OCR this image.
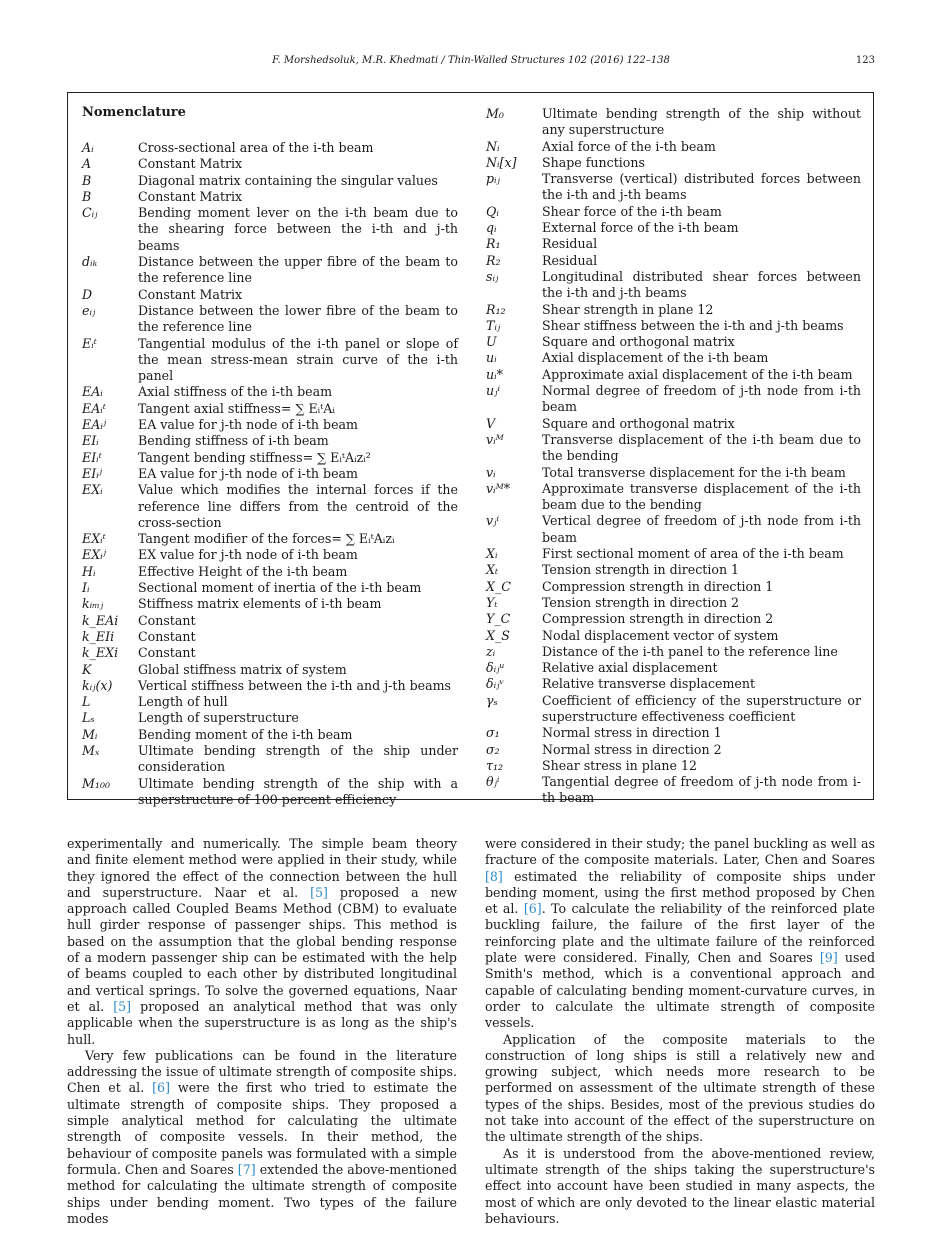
F. Morshedsoluk, M.R. Khedmati / Thin-Walled Structures 102 (2016) 122–138	123
Nomenclature
Aᵢ	Cross-sectional area of the i-th beam
A	Constant Matrix
B	Diagonal matrix containing the singular values
B	Constant Matrix
Cᵢⱼ	Bending moment lever on the i-th beam due to the shearing force between the i-th and j-th beams
dᵢₖ	Distance between the upper fibre of the beam to the reference line
D	Constant Matrix
eᵢⱼ	Distance between the lower fibre of the beam to the reference line
Eᵢᵗ	Tangential modulus of the i-th panel or slope of the mean stress-mean strain curve of the i-th panel
EAᵢ	Axial stiffness of the i-th beam
EAᵢᵗ	Tangent axial stiffness= ∑ EᵢᵗAᵢ
EAᵢʲ	EA value for j-th node of i-th beam
EIᵢ	Bending stiffness of i-th beam
EIᵢᵗ	Tangent bending stiffness= ∑ EᵢᵗAᵢzᵢ²
EIᵢʲ	EA value for j-th node of i-th beam
EXᵢ	Value which modifies the internal forces if the reference line differs from the centroid of the cross-section
EXᵢᵗ	Tangent modifier of the forces= ∑ EᵢᵗAᵢzᵢ
EXᵢʲ	EX value for j-th node of i-th beam
Hᵢ	Effective Height of the i-th beam
Iᵢ	Sectional moment of inertia of the i-th beam
kᵢₘⱼ	Stiffness matrix elements of i-th beam
k_EAi	Constant
k_EIi	Constant
k_EXi	Constant
K	Global stiffness matrix of system
kᵢⱼ(x)	Vertical stiffness between the i-th and j-th beams
L	Length of hull
Lₛ	Length of superstructure
Mᵢ	Bending moment of the i-th beam
Mₓ	Ultimate bending strength of the ship under consideration
M₁₀₀	Ultimate bending strength of the ship with a superstructure of 100 percent efficiency
M₀	Ultimate bending strength of the ship without any superstructure
Nᵢ	Axial force of the i-th beam
Nᵢ[x]	Shape functions
pᵢⱼ	Transverse (vertical) distributed forces between the i-th and j-th beams
Qᵢ	Shear force of the i-th beam
qᵢ	External force of the i-th beam
R₁	Residual
R₂	Residual
sᵢⱼ	Longitudinal distributed shear forces between the i-th and j-th beams
R₁₂	Shear strength in plane 12
Tᵢⱼ	Shear stiffness between the i-th and j-th beams
U	Square and orthogonal matrix
uᵢ	Axial displacement of the i-th beam
uᵢ*	Approximate axial displacement of the i-th beam
uⱼⁱ	Normal degree of freedom of j-th node from i-th beam
V	Square and orthogonal matrix
vᵢᴹ	Transverse displacement of the i-th beam due to the bending
vᵢ	Total transverse displacement for the i-th beam
vᵢᴹ*	Approximate transverse displacement of the i-th beam due to the bending
vⱼⁱ	Vertical degree of freedom of j-th node from i-th beam
Xᵢ	First sectional moment of area of the i-th beam
Xₜ	Tension strength in direction 1
X_C	Compression strength in direction 1
Yₜ	Tension strength in direction 2
Y_C	Compression strength in direction 2
X_S	Nodal displacement vector of system
zᵢ	Distance of the i-th panel to the reference line
δᵢⱼᵘ	Relative axial displacement
δᵢⱼᵛ	Relative transverse displacement
γₛ	Coefficient of efficiency of the superstructure or superstructure effectiveness coefficient
σ₁	Normal stress in direction 1
σ₂	Normal stress in direction 2
τ₁₂	Shear stress in plane 12
θⱼⁱ	Tangential degree of freedom of j-th node from i-th beam

experimentally and numerically. The simple beam theory and finite element method were applied in their study, while they ignored the effect of the connection between the hull and superstructure. Naar et al. [5] proposed a new approach called Coupled Beams Method (CBM) to evaluate hull girder response of passenger ships. This method is based on the assumption that the global bending response of a modern passenger ship can be estimated with the help of beams coupled to each other by distributed longitudinal and vertical springs. To solve the governed equations, Naar et al. [5] proposed an analytical method that was only applicable when the superstructure is as long as the ship's hull.

Very few publications can be found in the literature addressing the issue of ultimate strength of composite ships. Chen et al. [6] were the first who tried to estimate the ultimate strength of composite ships. They proposed a simple analytical method for calculating the ultimate strength of composite vessels. In their method, the behaviour of composite panels was formulated with a simple formula. Chen and Soares [7] extended the above-mentioned method for calculating the ultimate strength of composite ships under bending moment. Two types of the failure modes

were considered in their study; the panel buckling as well as fracture of the composite materials. Later, Chen and Soares [8] estimated the reliability of composite ships under bending moment, using the first method proposed by Chen et al. [6]. To calculate the reliability of the reinforced plate buckling failure, the failure of the first layer of the reinforcing plate and the ultimate failure of the reinforced plate were considered. Finally, Chen and Soares [9] used Smith's method, which is a conventional approach and capable of calculating bending moment-curvature curves, in order to calculate the ultimate strength of composite vessels.

Application of the composite materials to the construction of long ships is still a relatively new and growing subject, which needs more research to be performed on assessment of the ultimate strength of these types of the ships. Besides, most of the previous studies do not take into account of the effect of the superstructure on the ultimate strength of the ships.

As it is understood from the above-mentioned review, ultimate strength of the ships taking the superstructure's effect into account have been studied in many aspects, the most of which are only devoted to the linear elastic material behaviours.
